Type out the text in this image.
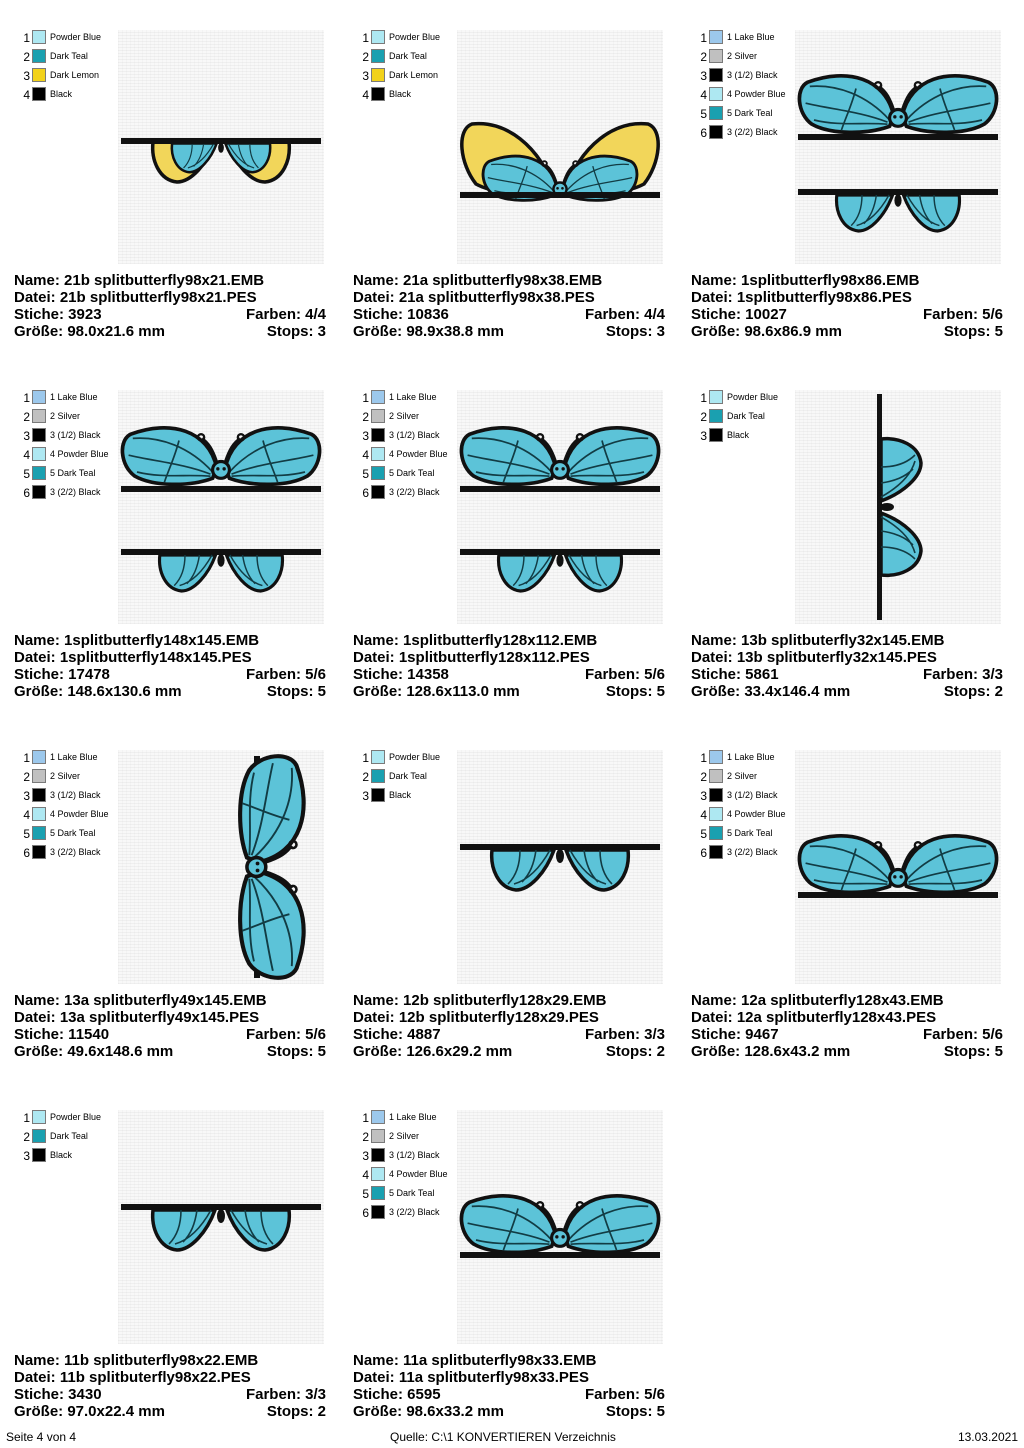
1 Powder Blue
2 Dark Teal
3 Dark Lemon
4 Black
Name: 21b splitbutterfly98x21.EMB
Datei: 21b splitbutterfly98x21.PES
Stiche: 3923	Farben: 4/4
Größe: 98.0x21.6 mm	Stops: 3
1 Powder Blue
2 Dark Teal
3 Dark Lemon
4 Black
Name: 21a splitbutterfly98x38.EMB
Datei: 21a splitbutterfly98x38.PES
Stiche: 10836	Farben: 4/4
Größe: 98.9x38.8 mm	Stops: 3
1 1 Lake Blue
2 2 Silver
3 3 (1/2) Black
4 4 Powder Blue
5 5 Dark Teal
6 3 (2/2) Black
Name: 1splitbutterfly98x86.EMB
Datei: 1splitbutterfly98x86.PES
Stiche: 10027	Farben: 5/6
Größe: 98.6x86.9 mm	Stops: 5
1 1 Lake Blue
2 2 Silver
3 3 (1/2) Black
4 4 Powder Blue
5 5 Dark Teal
6 3 (2/2) Black
Name: 1splitbutterfly148x145.EMB
Datei: 1splitbutterfly148x145.PES
Stiche: 17478	Farben: 5/6
Größe: 148.6x130.6 mm	Stops: 5
1 1 Lake Blue
2 2 Silver
3 3 (1/2) Black
4 4 Powder Blue
5 5 Dark Teal
6 3 (2/2) Black
Name: 1splitbutterfly128x112.EMB
Datei: 1splitbutterfly128x112.PES
Stiche: 14358	Farben: 5/6
Größe: 128.6x113.0 mm	Stops: 5
1 Powder Blue
2 Dark Teal
3 Black
Name: 13b splitbuterfly32x145.EMB
Datei: 13b splitbuterfly32x145.PES
Stiche: 5861	Farben: 3/3
Größe: 33.4x146.4 mm	Stops: 2
1 1 Lake Blue
2 2 Silver
3 3 (1/2) Black
4 4 Powder Blue
5 5 Dark Teal
6 3 (2/2) Black
Name: 13a splitbuterfly49x145.EMB
Datei: 13a splitbuterfly49x145.PES
Stiche: 11540	Farben: 5/6
Größe: 49.6x148.6 mm	Stops: 5
1 Powder Blue
2 Dark Teal
3 Black
Name: 12b splitbuterfly128x29.EMB
Datei: 12b splitbuterfly128x29.PES
Stiche: 4887	Farben: 3/3
Größe: 126.6x29.2 mm	Stops: 2
1 1 Lake Blue
2 2 Silver
3 3 (1/2) Black
4 4 Powder Blue
5 5 Dark Teal
6 3 (2/2) Black
Name: 12a splitbuterfly128x43.EMB
Datei: 12a splitbuterfly128x43.PES
Stiche: 9467	Farben: 5/6
Größe: 128.6x43.2 mm	Stops: 5
1 Powder Blue
2 Dark Teal
3 Black
Name: 11b splitbuterfly98x22.EMB
Datei: 11b splitbuterfly98x22.PES
Stiche: 3430	Farben: 3/3
Größe: 97.0x22.4 mm	Stops: 2
1 1 Lake Blue
2 2 Silver
3 3 (1/2) Black
4 4 Powder Blue
5 5 Dark Teal
6 3 (2/2) Black
Name: 11a splitbuterfly98x33.EMB
Datei: 11a splitbuterfly98x33.PES
Stiche: 6595	Farben: 5/6
Größe: 98.6x33.2 mm	Stops: 5
Seite 4 von 4	Quelle: C:\1 KONVERTIEREN Verzeichnis	13.03.2021
